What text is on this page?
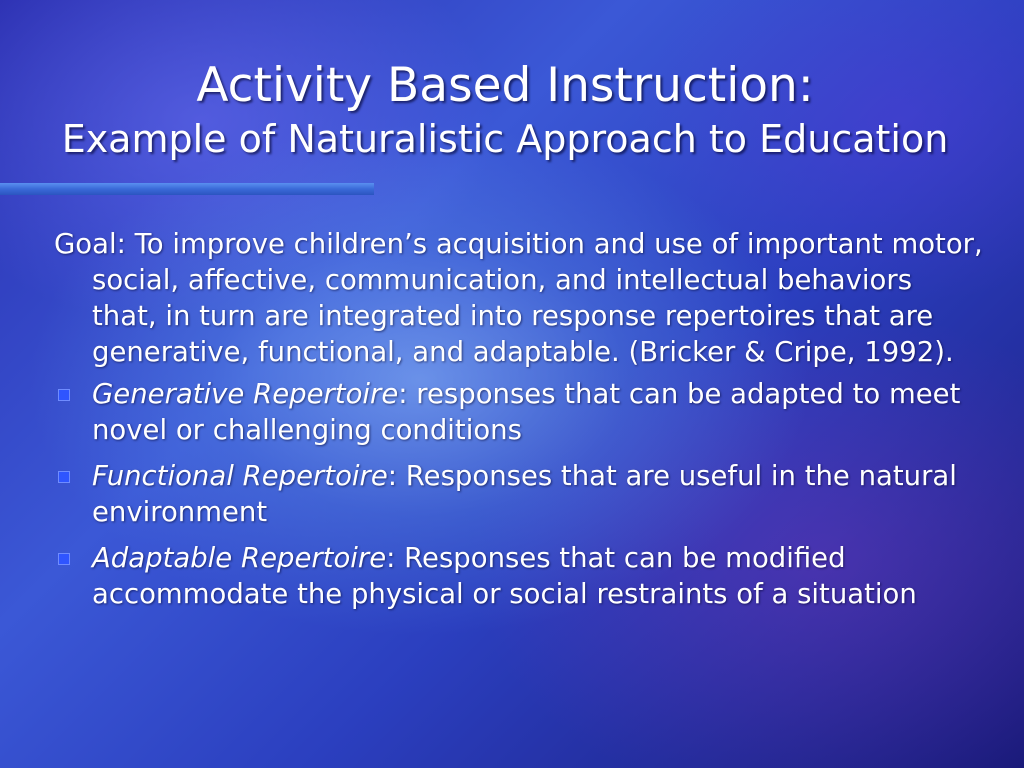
Activity Based Instruction:
Example of Naturalistic Approach to Education

Goal: To improve children’s acquisition and use of important motor, social, affective, communication, and intellectual behaviors that, in turn are integrated into response repertoires that are generative, functional, and adaptable. (Bricker & Cripe, 1992).

Generative Repertoire: responses that can be adapted to meet novel or challenging conditions
Functional Repertoire: Responses that are useful in the natural environment
Adaptable Repertoire: Responses that can be modified accommodate the physical or social restraints of a situation
